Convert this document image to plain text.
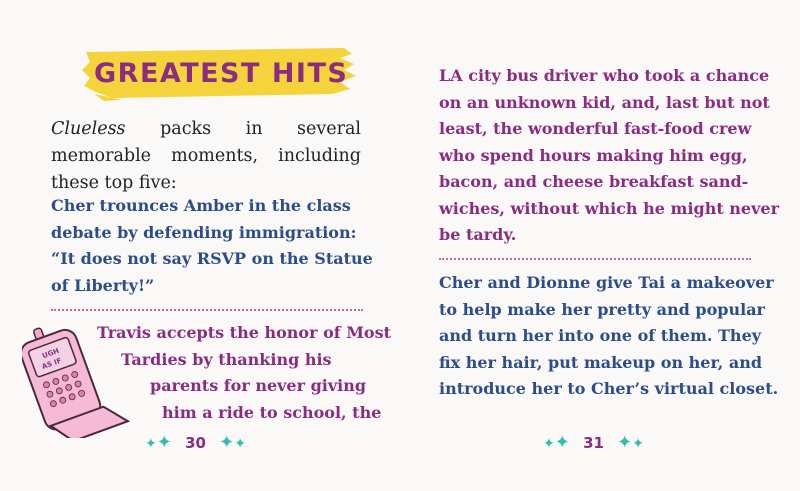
GREATEST HITS
Clueless packs in several memorable moments, including these top five:
Cher trounces Amber in the class
debate by defending immigration:
“It does not say RSVP on the Statue
of Liberty!”
Travis accepts the honor of Most
Tardies by thanking his
parents for never giving
him a ride to school, the
UGH
AS IF
✦✦ 30 ✦✦
LA city bus driver who took a chance
on an unknown kid, and, last but not
least, the wonderful fast-food crew
who spend hours making him egg,
bacon, and cheese breakfast sand-
wiches, without which he might never
be tardy.
Cher and Dionne give Tai a makeover
to help make her pretty and popular
and turn her into one of them. They
fix her hair, put makeup on her, and
introduce her to Cher’s virtual closet.
✦✦ 31 ✦✦
